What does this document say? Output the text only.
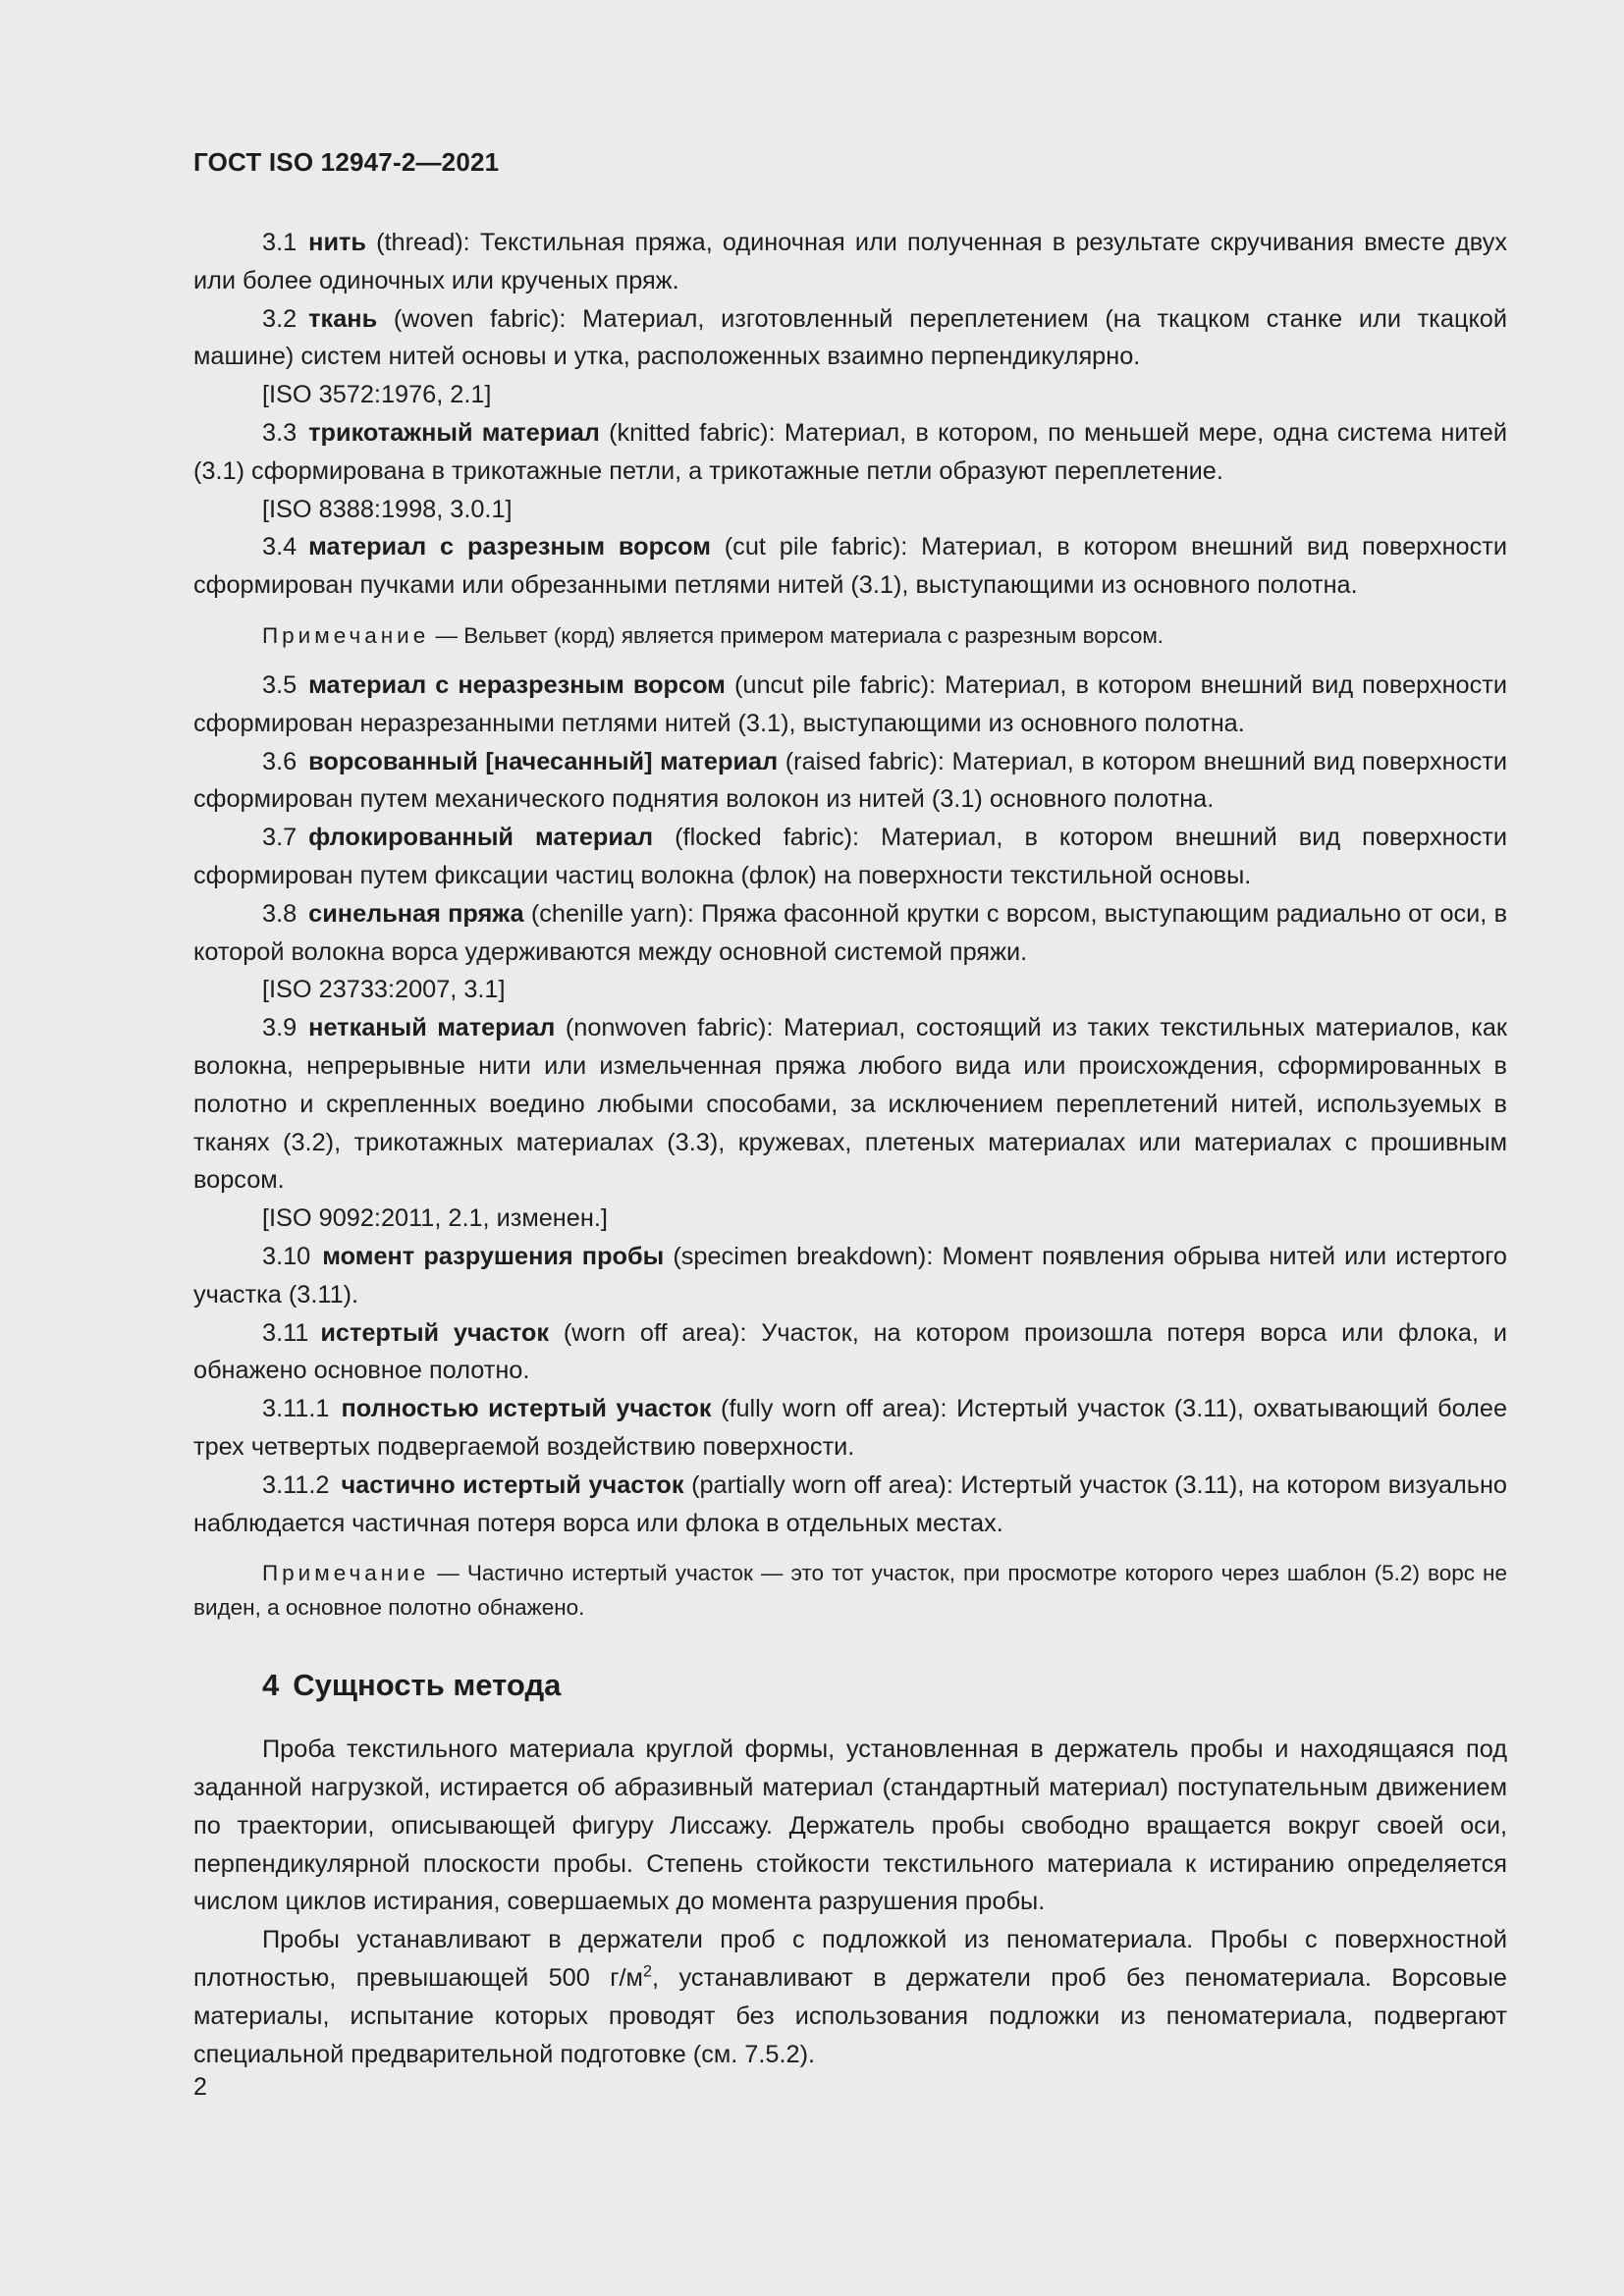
ГОСТ ISO 12947-2—2021

3.1 нить (thread): Текстильная пряжа, одиночная или полученная в результате скручивания вместе двух или более одиночных или крученых пряж.

3.2 ткань (woven fabric): Материал, изготовленный переплетением (на ткацком станке или ткацкой машине) систем нитей основы и утка, расположенных взаимно перпендикулярно.

[ISO 3572:1976, 2.1]

3.3 трикотажный материал (knitted fabric): Материал, в котором, по меньшей мере, одна система нитей (3.1) сформирована в трикотажные петли, а трикотажные петли образуют переплетение.

[ISO 8388:1998, 3.0.1]

3.4 материал с разрезным ворсом (cut pile fabric): Материал, в котором внешний вид поверхности сформирован пучками или обрезанными петлями нитей (3.1), выступающими из основного полотна.

Примечание — Вельвет (корд) является примером материала с разрезным ворсом.

3.5 материал с неразрезным ворсом (uncut pile fabric): Материал, в котором внешний вид поверхности сформирован неразрезанными петлями нитей (3.1), выступающими из основного полотна.

3.6 ворсованный [начесанный] материал (raised fabric): Материал, в котором внешний вид поверхности сформирован путем механического поднятия волокон из нитей (3.1) основного полотна.

3.7 флокированный материал (flocked fabric): Материал, в котором внешний вид поверхности сформирован путем фиксации частиц волокна (флок) на поверхности текстильной основы.

3.8 синельная пряжа (chenille yarn): Пряжа фасонной крутки с ворсом, выступающим радиально от оси, в которой волокна ворса удерживаются между основной системой пряжи.

[ISO 23733:2007, 3.1]

3.9 нетканый материал (nonwoven fabric): Материал, состоящий из таких текстильных материалов, как волокна, непрерывные нити или измельченная пряжа любого вида или происхождения, сформированных в полотно и скрепленных воедино любыми способами, за исключением переплетений нитей, используемых в тканях (3.2), трикотажных материалах (3.3), кружевах, плетеных материалах или материалах с прошивным ворсом.

[ISO 9092:2011, 2.1, изменен.]

3.10 момент разрушения пробы (specimen breakdown): Момент появления обрыва нитей или истертого участка (3.11).

3.11 истертый участок (worn off area): Участок, на котором произошла потеря ворса или флока, и обнажено основное полотно.

3.11.1 полностью истертый участок (fully worn off area): Истертый участок (3.11), охватывающий более трех четвертых подвергаемой воздействию поверхности.

3.11.2 частично истертый участок (partially worn off area): Истертый участок (3.11), на котором визуально наблюдается частичная потеря ворса или флока в отдельных местах.

Примечание — Частично истертый участок — это тот участок, при просмотре которого через шаблон (5.2) ворс не виден, а основное полотно обнажено.

4 Сущность метода

Проба текстильного материала круглой формы, установленная в держатель пробы и находящаяся под заданной нагрузкой, истирается об абразивный материал (стандартный материал) поступательным движением по траектории, описывающей фигуру Лиссажу. Держатель пробы свободно вращается вокруг своей оси, перпендикулярной плоскости пробы. Степень стойкости текстильного материала к истиранию определяется числом циклов истирания, совершаемых до момента разрушения пробы.

Пробы устанавливают в держатели проб с подложкой из пеноматериала. Пробы с поверхностной плотностью, превышающей 500 $г/м^2$, устанавливают в держатели проб без пеноматериала. Ворсовые материалы, испытание которых проводят без использования подложки из пеноматериала, подвергают специальной предварительной подготовке (см. 7.5.2).

2
